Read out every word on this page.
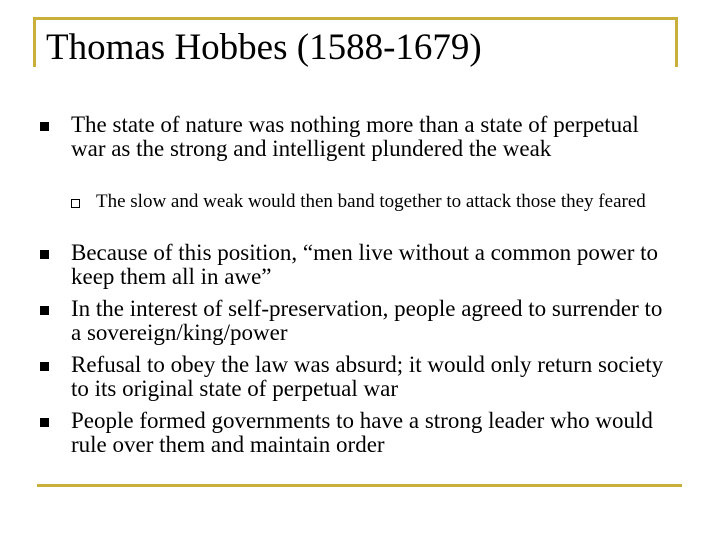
Thomas Hobbes (1588-1679)
The state of nature was nothing more than a state of perpetual war as the strong and intelligent plundered the weak
The slow and weak would then band together to attack those they feared
Because of this position, “men live without a common power to keep them all in awe”
In the interest of self-preservation, people agreed to surrender to a sovereign/king/power
Refusal to obey the law was absurd; it would only return society to its original state of perpetual war
People formed governments to have a strong leader who would rule over them and maintain order
